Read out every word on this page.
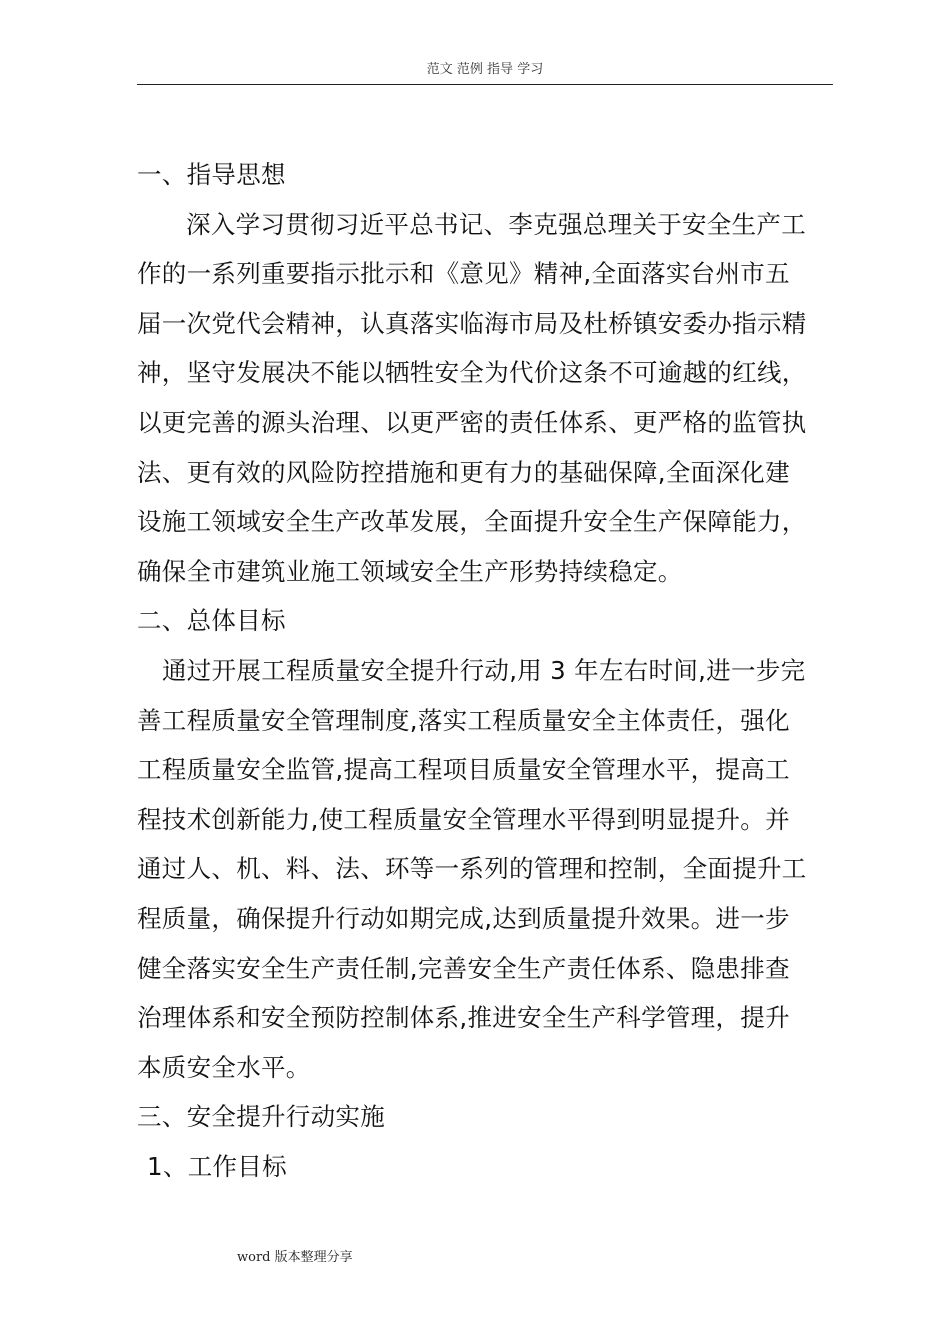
范文 范例 指导 学习

一、指导思想

深入学习贯彻习近平总书记、李克强总理关于安全生产工

作的一系列重要指示批示和《意见》精神,全面落实台州市五

届一次党代会精神，认真落实临海市局及杜桥镇安委办指示精

神，坚守发展决不能以牺牲安全为代价这条不可逾越的红线，

以更完善的源头治理、以更严密的责任体系、更严格的监管执

法、更有效的风险防控措施和更有力的基础保障,全面深化建

设施工领域安全生产改革发展，全面提升安全生产保障能力，

确保全市建筑业施工领域安全生产形势持续稳定。

二、总体目标

通过开展工程质量安全提升行动,用 3 年左右时间,进一步完

善工程质量安全管理制度,落实工程质量安全主体责任，强化

工程质量安全监管,提高工程项目质量安全管理水平，提高工

程技术创新能力,使工程质量安全管理水平得到明显提升。并

通过人、机、料、法、环等一系列的管理和控制，全面提升工

程质量，确保提升行动如期完成,达到质量提升效果。进一步

健全落实安全生产责任制,完善安全生产责任体系、隐患排查

治理体系和安全预防控制体系,推进安全生产科学管理，提升

本质安全水平。

三、安全提升行动实施

1、工作目标

word 版本整理分享
